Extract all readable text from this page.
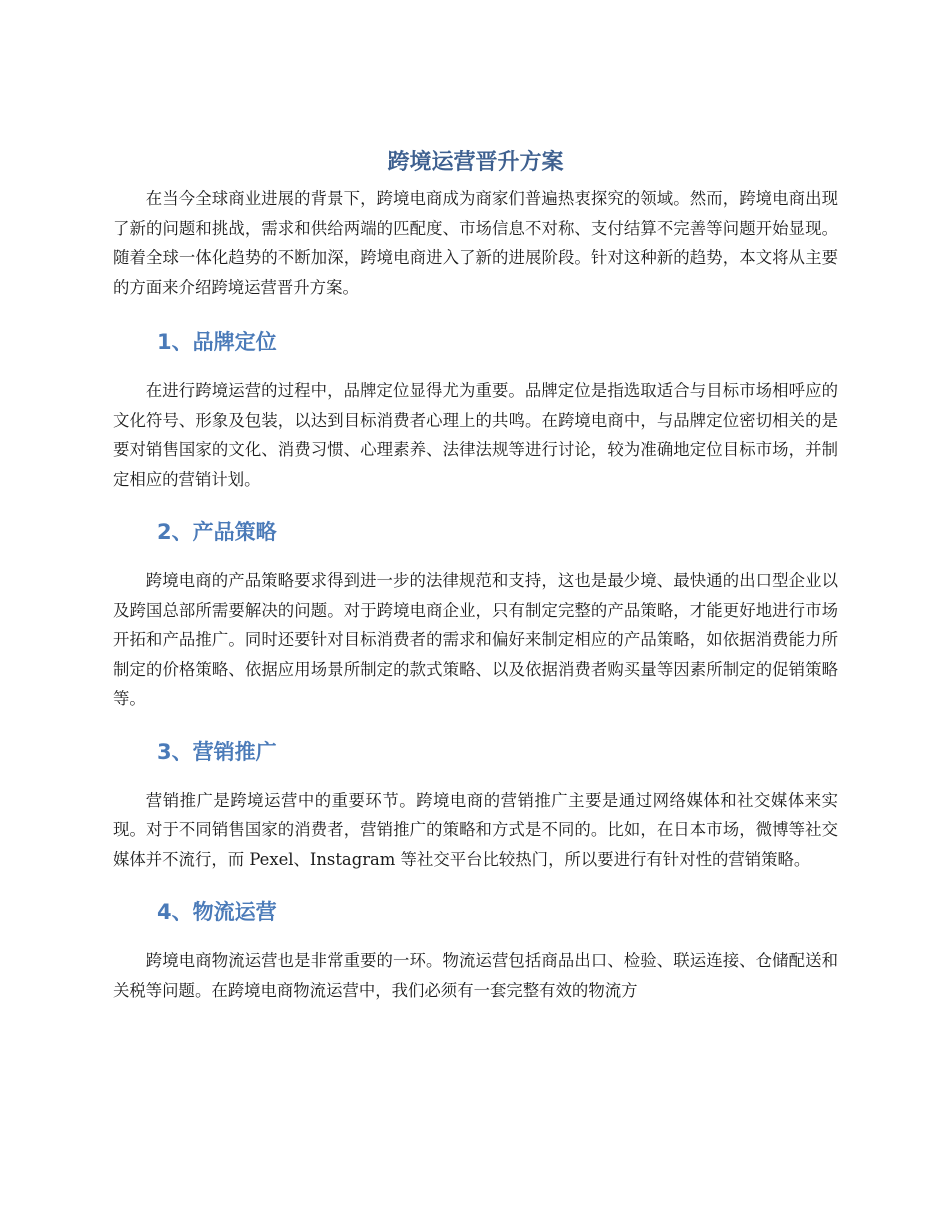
跨境运营晋升方案

在当今全球商业进展的背景下，跨境电商成为商家们普遍热衷探究的领域。然而，跨境电商出现了新的问题和挑战，需求和供给两端的匹配度、市场信息不对称、支付结算不完善等问题开始显现。随着全球一体化趋势的不断加深，跨境电商进入了新的进展阶段。针对这种新的趋势，本文将从主要的方面来介绍跨境运营晋升方案。

1、品牌定位

在进行跨境运营的过程中，品牌定位显得尤为重要。品牌定位是指选取适合与目标市场相呼应的文化符号、形象及包装，以达到目标消费者心理上的共鸣。在跨境电商中，与品牌定位密切相关的是要对销售国家的文化、消费习惯、心理素养、法律法规等进行讨论，较为准确地定位目标市场，并制定相应的营销计划。

2、产品策略

跨境电商的产品策略要求得到进一步的法律规范和支持，这也是最少境、最快通的出口型企业以及跨国总部所需要解决的问题。对于跨境电商企业，只有制定完整的产品策略，才能更好地进行市场开拓和产品推广。同时还要针对目标消费者的需求和偏好来制定相应的产品策略，如依据消费能力所制定的价格策略、依据应用场景所制定的款式策略、以及依据消费者购买量等因素所制定的促销策略等。

3、营销推广

营销推广是跨境运营中的重要环节。跨境电商的营销推广主要是通过网络媒体和社交媒体来实现。对于不同销售国家的消费者，营销推广的策略和方式是不同的。比如，在日本市场，微博等社交媒体并不流行，而 Pexel、Instagram 等社交平台比较热门，所以要进行有针对性的营销策略。

4、物流运营

跨境电商物流运营也是非常重要的一环。物流运营包括商品出口、检验、联运连接、仓储配送和关税等问题。在跨境电商物流运营中，我们必须有一套完整有效的物流方
